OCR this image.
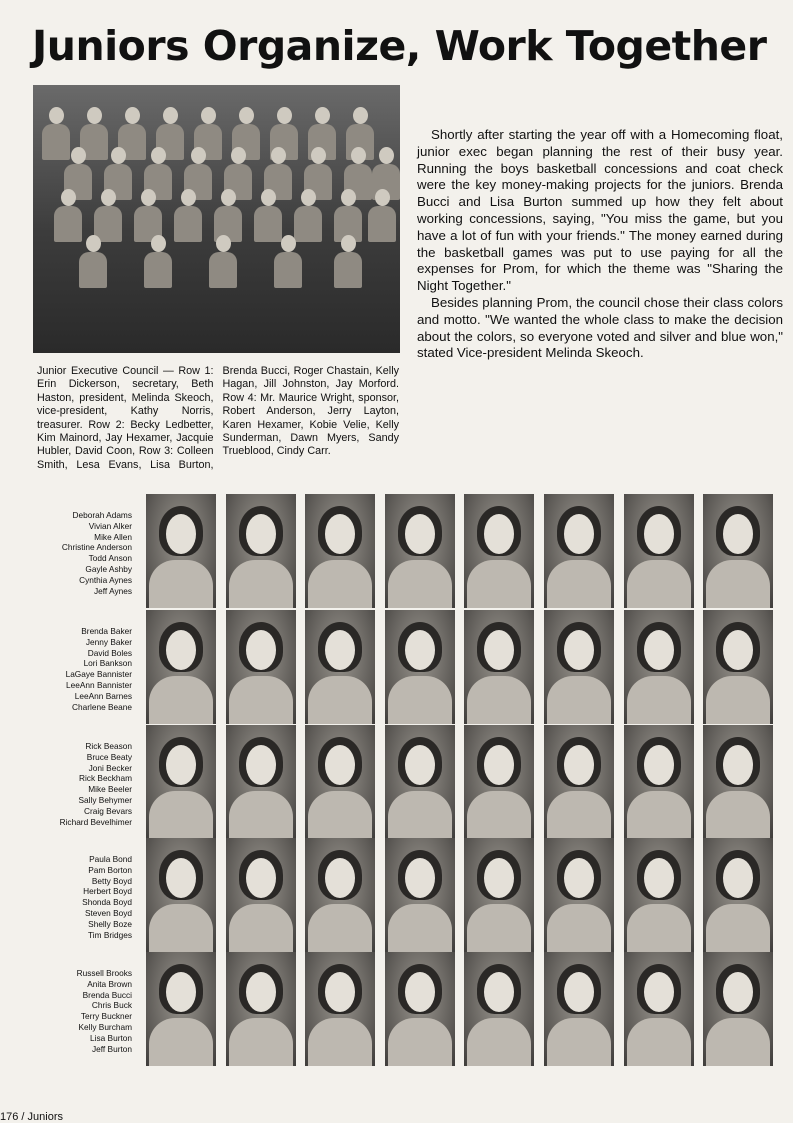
Juniors Organize, Work Together

Junior Executive Council — Row 1: Erin Dickerson, secretary, Beth Haston, president, Melinda Skeoch, vice-president, Kathy Norris, treasurer. Row 2: Becky Ledbetter, Kim Mainord, Jay Hexamer, Jacquie Hubler, David Coon, Row 3: Colleen Smith, Lesa Evans, Lisa Burton, Brenda Bucci, Roger Chastain, Kelly Hagan, Jill Johnston, Jay Morford. Row 4: Mr. Maurice Wright, sponsor, Robert Anderson, Jerry Layton, Karen Hexamer, Kobie Velie, Kelly Sunderman, Dawn Myers, Sandy Trueblood, Cindy Carr.

Shortly after starting the year off with a Homecoming float, junior exec began planning the rest of their busy year. Running the boys basketball concessions and coat check were the key money-making projects for the juniors. Brenda Bucci and Lisa Burton summed up how they felt about working concessions, saying, "You miss the game, but you have a lot of fun with your friends." The money earned during the basketball games was put to use paying for all the expenses for Prom, for which the theme was "Sharing the Night Together."

Besides planning Prom, the council chose their class colors and motto. "We wanted the whole class to make the decision about the colors, so everyone voted and silver and blue won," stated Vice-president Melinda Skeoch.

Deborah Adams
Vivian Alker
Mike Allen
Christine Anderson
Todd Anson
Gayle Ashby
Cynthia Aynes
Jeff Aynes
Brenda Baker
Jenny Baker
David Boles
Lori Bankson
LaGaye Bannister
LeeAnn Bannister
LeeAnn Barnes
Charlene Beane
Rick Beason
Bruce Beaty
Joni Becker
Rick Beckham
Mike Beeler
Sally Behymer
Craig Bevars
Richard Bevelhimer
Paula Bond
Pam Borton
Betty Boyd
Herbert Boyd
Shonda Boyd
Steven Boyd
Shelly Boze
Tim Bridges
Russell Brooks
Anita Brown
Brenda Bucci
Chris Buck
Terry Buckner
Kelly Burcham
Lisa Burton
Jeff Burton
176 / Juniors
